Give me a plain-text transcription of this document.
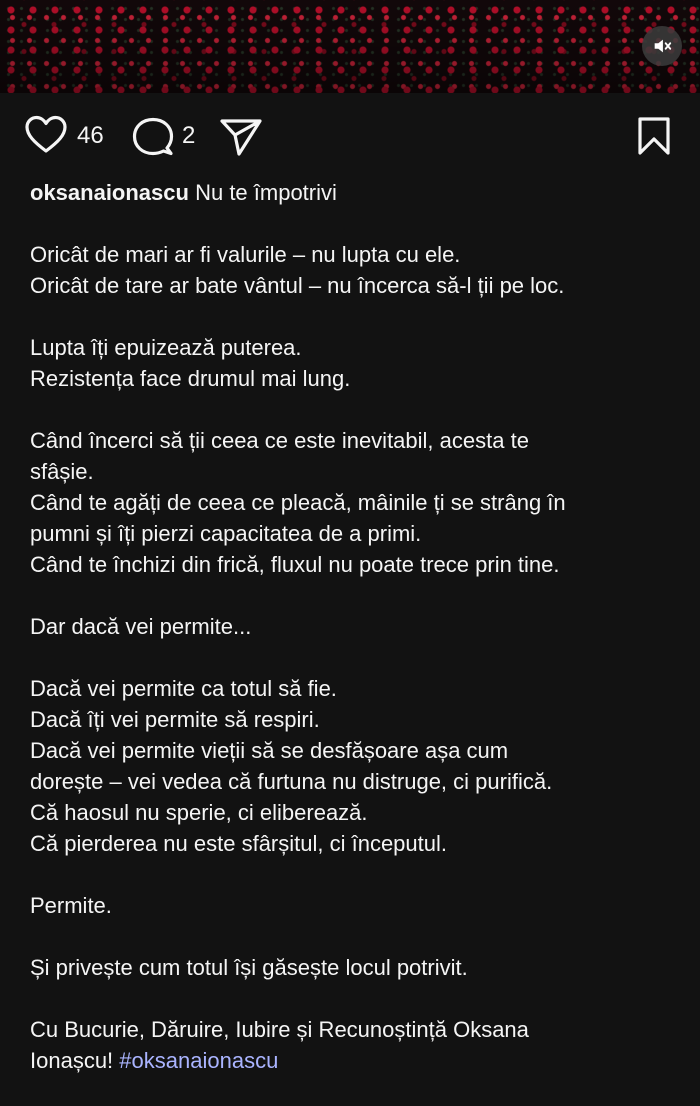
46	2

oksanaionascu Nu te împotrivi

Oricât de mari ar fi valurile – nu lupta cu ele.
Oricât de tare ar bate vântul – nu încerca să-l ții pe loc.

Lupta îți epuizează puterea.
Rezistența face drumul mai lung.

Când încerci să ții ceea ce este inevitabil, acesta te
sfâșie.
Când te agăți de ceea ce pleacă, mâinile ți se strâng în
pumni și îți pierzi capacitatea de a primi.
Când te închizi din frică, fluxul nu poate trece prin tine.

Dar dacă vei permite...

Dacă vei permite ca totul să fie.
Dacă îți vei permite să respiri.
Dacă vei permite vieții să se desfășoare așa cum
dorește – vei vedea că furtuna nu distruge, ci purifică.
Că haosul nu sperie, ci eliberează.
Că pierderea nu este sfârșitul, ci începutul.

Permite.

Și privește cum totul își găsește locul potrivit.

Cu Bucurie, Dăruire, Iubire și Recunoștință Oksana
Ionașcu! #oksanaionascu
